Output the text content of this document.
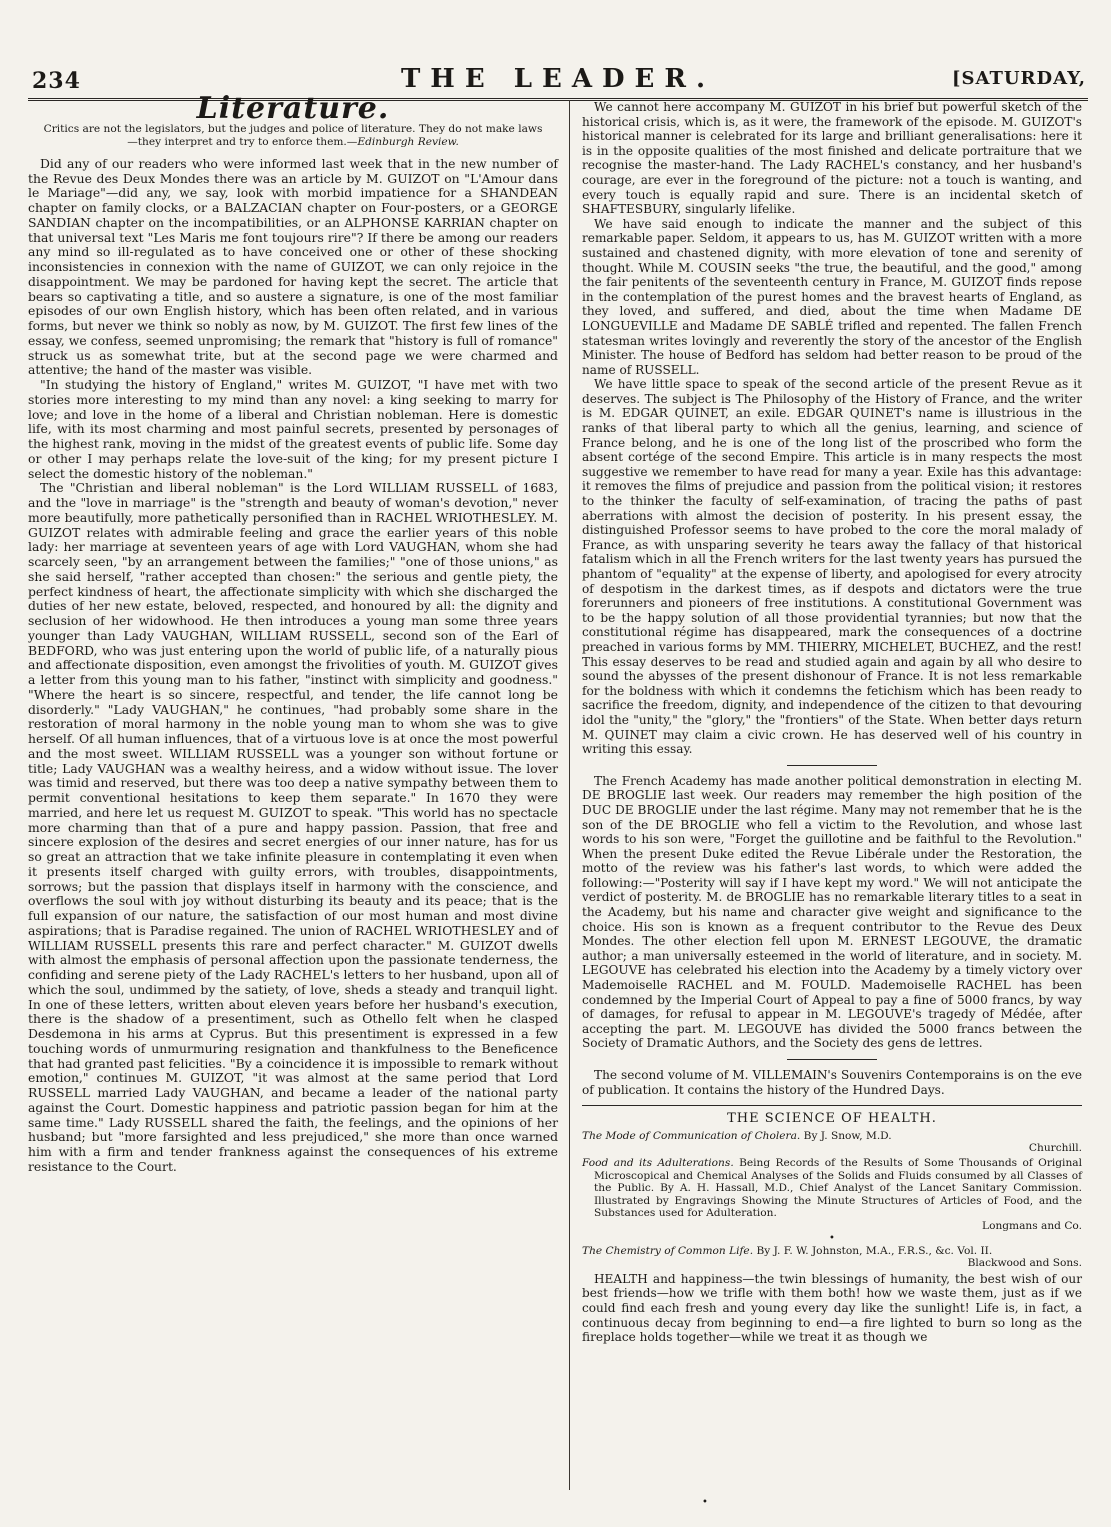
234	THE LEADER.	[SATURDAY,
Literature.

Critics are not the legislators, but the judges and police of literature. They do not make laws—they interpret and try to enforce them.—Edinburgh Review.

Did any of our readers who were informed last week that in the new number of the Revue des Deux Mondes there was an article by M. GUIZOT on "L'Amour dans le Mariage"—did any, we say, look with morbid impatience for a SHANDEAN chapter on family clocks, or a BALZACIAN chapter on Four-posters, or a GEORGE SANDIAN chapter on the incompatibilities, or an ALPHONSE KARRIAN chapter on that universal text "Les Maris me font toujours rire"? If there be among our readers any mind so ill-regulated as to have conceived one or other of these shocking inconsistencies in connexion with the name of GUIZOT, we can only rejoice in the disappointment. We may be pardoned for having kept the secret. The article that bears so captivating a title, and so austere a signature, is one of the most familiar episodes of our own English history, which has been often related, and in various forms, but never we think so nobly as now, by M. GUIZOT. The first few lines of the essay, we confess, seemed unpromising; the remark that "history is full of romance" struck us as somewhat trite, but at the second page we were charmed and attentive; the hand of the master was visible.

"In studying the history of England," writes M. GUIZOT, "I have met with two stories more interesting to my mind than any novel: a king seeking to marry for love; and love in the home of a liberal and Christian nobleman. Here is domestic life, with its most charming and most painful secrets, presented by personages of the highest rank, moving in the midst of the greatest events of public life. Some day or other I may perhaps relate the love-suit of the king; for my present picture I select the domestic history of the nobleman."

The "Christian and liberal nobleman" is the Lord WILLIAM RUSSELL of 1683, and the "love in marriage" is the "strength and beauty of woman's devotion," never more beautifully, more pathetically personified than in RACHEL WRIOTHESLEY. M. GUIZOT relates with admirable feeling and grace the earlier years of this noble lady: her marriage at seventeen years of age with Lord VAUGHAN, whom she had scarcely seen, "by an arrangement between the families;" "one of those unions," as she said herself, "rather accepted than chosen:" the serious and gentle piety, the perfect kindness of heart, the affectionate simplicity with which she discharged the duties of her new estate, beloved, respected, and honoured by all: the dignity and seclusion of her widowhood. He then introduces a young man some three years younger than Lady VAUGHAN, WILLIAM RUSSELL, second son of the Earl of BEDFORD, who was just entering upon the world of public life, of a naturally pious and affectionate disposition, even amongst the frivolities of youth. M. GUIZOT gives a letter from this young man to his father, "instinct with simplicity and goodness." "Where the heart is so sincere, respectful, and tender, the life cannot long be disorderly." "Lady VAUGHAN," he continues, "had probably some share in the restoration of moral harmony in the noble young man to whom she was to give herself. Of all human influences, that of a virtuous love is at once the most powerful and the most sweet. WILLIAM RUSSELL was a younger son without fortune or title; Lady VAUGHAN was a wealthy heiress, and a widow without issue. The lover was timid and reserved, but there was too deep a native sympathy between them to permit conventional hesitations to keep them separate." In 1670 they were married, and here let us request M. GUIZOT to speak. "This world has no spectacle more charming than that of a pure and happy passion. Passion, that free and sincere explosion of the desires and secret energies of our inner nature, has for us so great an attraction that we take infinite pleasure in contemplating it even when it presents itself charged with guilty errors, with troubles, disappointments, sorrows; but the passion that displays itself in harmony with the conscience, and overflows the soul with joy without disturbing its beauty and its peace; that is the full expansion of our nature, the satisfaction of our most human and most divine aspirations; that is Paradise regained. The union of RACHEL WRIOTHESLEY and of WILLIAM RUSSELL presents this rare and perfect character." M. GUIZOT dwells with almost the emphasis of personal affection upon the passionate tenderness, the confiding and serene piety of the Lady RACHEL's letters to her husband, upon all of which the soul, undimmed by the satiety, of love, sheds a steady and tranquil light. In one of these letters, written about eleven years before her husband's execution, there is the shadow of a presentiment, such as Othello felt when he clasped Desdemona in his arms at Cyprus. But this presentiment is expressed in a few touching words of unmurmuring resignation and thankfulness to the Beneficence that had granted past felicities. "By a coincidence it is impossible to remark without emotion," continues M. GUIZOT, "it was almost at the same period that Lord RUSSELL married Lady VAUGHAN, and became a leader of the national party against the Court. Domestic happiness and patriotic passion began for him at the same time." Lady RUSSELL shared the faith, the feelings, and the opinions of her husband; but "more farsighted and less prejudiced," she more than once warned him with a firm and tender frankness against the consequences of his extreme resistance to the Court.

We cannot here accompany M. GUIZOT in his brief but powerful sketch of the historical crisis, which is, as it were, the framework of the episode. M. GUIZOT's historical manner is celebrated for its large and brilliant generalisations: here it is in the opposite qualities of the most finished and delicate portraiture that we recognise the master-hand. The Lady RACHEL's constancy, and her husband's courage, are ever in the foreground of the picture: not a touch is wanting, and every touch is equally rapid and sure. There is an incidental sketch of SHAFTESBURY, singularly lifelike.

We have said enough to indicate the manner and the subject of this remarkable paper. Seldom, it appears to us, has M. GUIZOT written with a more sustained and chastened dignity, with more elevation of tone and serenity of thought. While M. COUSIN seeks "the true, the beautiful, and the good," among the fair penitents of the seventeenth century in France, M. GUIZOT finds repose in the contemplation of the purest homes and the bravest hearts of England, as they loved, and suffered, and died, about the time when Madame DE LONGUEVILLE and Madame DE SABLÉ trifled and repented. The fallen French statesman writes lovingly and reverently the story of the ancestor of the English Minister. The house of Bedford has seldom had better reason to be proud of the name of RUSSELL.

We have little space to speak of the second article of the present Revue as it deserves. The subject is The Philosophy of the History of France, and the writer is M. EDGAR QUINET, an exile. EDGAR QUINET's name is illustrious in the ranks of that liberal party to which all the genius, learning, and science of France belong, and he is one of the long list of the proscribed who form the absent cortége of the second Empire. This article is in many respects the most suggestive we remember to have read for many a year. Exile has this advantage: it removes the films of prejudice and passion from the political vision; it restores to the thinker the faculty of self-examination, of tracing the paths of past aberrations with almost the decision of posterity. In his present essay, the distinguished Professor seems to have probed to the core the moral malady of France, as with unsparing severity he tears away the fallacy of that historical fatalism which in all the French writers for the last twenty years has pursued the phantom of "equality" at the expense of liberty, and apologised for every atrocity of despotism in the darkest times, as if despots and dictators were the true forerunners and pioneers of free institutions. A constitutional Government was to be the happy solution of all those providential tyrannies; but now that the constitutional régime has disappeared, mark the consequences of a doctrine preached in various forms by MM. THIERRY, MICHELET, BUCHEZ, and the rest! This essay deserves to be read and studied again and again by all who desire to sound the abysses of the present dishonour of France. It is not less remarkable for the boldness with which it condemns the fetichism which has been ready to sacrifice the freedom, dignity, and independence of the citizen to that devouring idol the "unity," the "glory," the "frontiers" of the State. When better days return M. QUINET may claim a civic crown. He has deserved well of his country in writing this essay.

The French Academy has made another political demonstration in electing M. DE BROGLIE last week. Our readers may remember the high position of the DUC DE BROGLIE under the last régime. Many may not remember that he is the son of the DE BROGLIE who fell a victim to the Revolution, and whose last words to his son were, "Forget the guillotine and be faithful to the Revolution." When the present Duke edited the Revue Libérale under the Restoration, the motto of the review was his father's last words, to which were added the following:—"Posterity will say if I have kept my word." We will not anticipate the verdict of posterity. M. de BROGLIE has no remarkable literary titles to a seat in the Academy, but his name and character give weight and significance to the choice. His son is known as a frequent contributor to the Revue des Deux Mondes. The other election fell upon M. ERNEST LEGOUVE, the dramatic author; a man universally esteemed in the world of literature, and in society. M. LEGOUVE has celebrated his election into the Academy by a timely victory over Mademoiselle RACHEL and M. FOULD. Mademoiselle RACHEL has been condemned by the Imperial Court of Appeal to pay a fine of 5000 francs, by way of damages, for refusal to appear in M. LEGOUVE's tragedy of Médée, after accepting the part. M. LEGOUVE has divided the 5000 francs between the Society of Dramatic Authors, and the Society des gens de lettres.

The second volume of M. VILLEMAIN's Souvenirs Contemporains is on the eve of publication. It contains the history of the Hundred Days.

THE SCIENCE OF HEALTH.

The Mode of Communication of Cholera. By J. Snow, M.D.
Churchill.

Food and its Adulterations. Being Records of the Results of Some Thousands of Original Microscopical and Chemical Analyses of the Solids and Fluids consumed by all Classes of the Public. By A. H. Hassall, M.D., Chief Analyst of the Lancet Sanitary Commission. Illustrated by Engravings Showing the Minute Structures of Articles of Food, and the Substances used for Adulteration.
Longmans and Co.

•

The Chemistry of Common Life. By J. F. W. Johnston, M.A., F.R.S., &c. Vol. II.
Blackwood and Sons.

HEALTH and happiness—the twin blessings of humanity, the best wish of our best friends—how we trifle with them both! how we waste them, just as if we could find each fresh and young every day like the sunlight! Life is, in fact, a continuous decay from beginning to end—a fire lighted to burn so long as the fireplace holds together—while we treat it as though we

•
